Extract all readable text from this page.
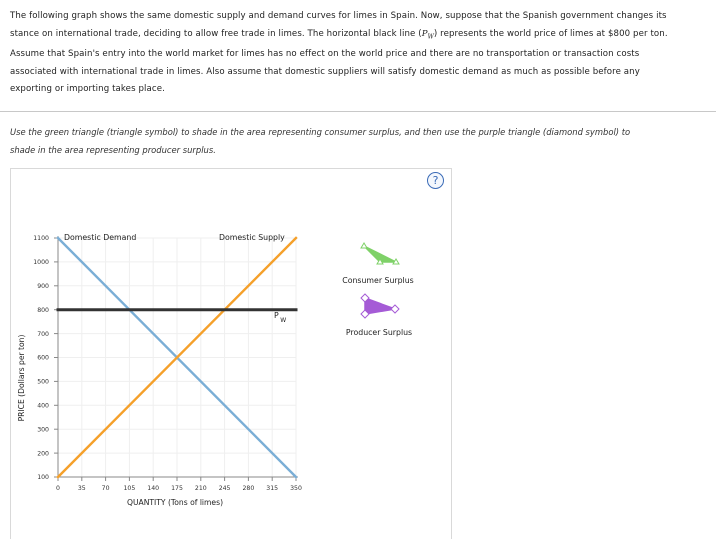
The following graph shows the same domestic supply and demand curves for limes in Spain. Now, suppose that the Spanish government changes its

stance on international trade, deciding to allow free trade in limes. The horizontal black line $(P_W)$ represents the world price of limes at $800 per ton.

Assume that Spain's entry into the world market for limes has no effect on the world price and there are no transportation or transaction costs

associated with international trade in limes. Also assume that domestic suppliers will satisfy domestic demand as much as possible before any

exporting or importing takes place.

Use the green triangle (triangle symbol) to shade in the area representing consumer surplus, and then use the purple triangle (diamond symbol) to
shade in the area representing producer surplus.
?
0	35	70 105 140 175 210 245 280 315 350
100
200
300
400
500
600
700
800
900
1000
1100
QUANTITY (Tons of limes)
PRICE (Dollars per ton)
Domestic Demand	Domestic Supply
P W
Consumer Surplus
Producer Surplus
